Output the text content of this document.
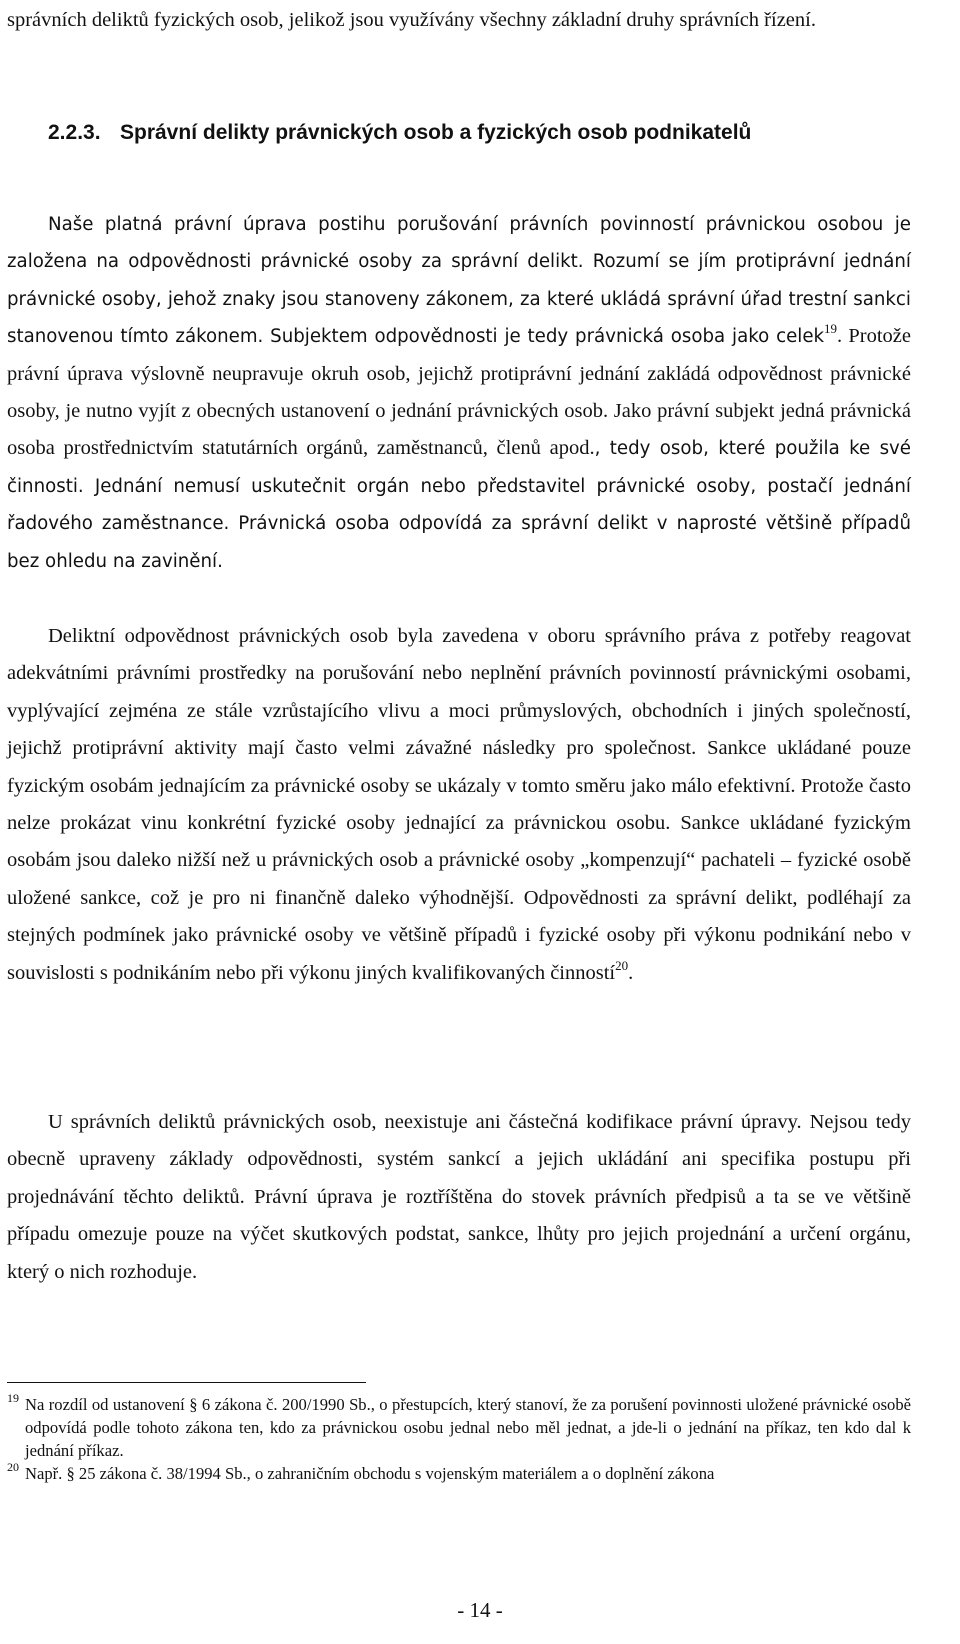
správních deliktů fyzických osob, jelikož jsou využívány všechny základní druhy správních řízení.

2.2.3. Správní delikty právnických osob a fyzických osob podnikatelů

Naše platná právní úprava postihu porušování právních povinností právnickou osobou je založena na odpovědnosti právnické osoby za správní delikt. Rozumí se jím protiprávní jednání právnické osoby, jehož znaky jsou stanoveny zákonem, za které ukládá správní úřad trestní sankci stanovenou tímto zákonem. Subjektem odpovědnosti je tedy právnická osoba jako celek$^{19}$. Protože právní úprava výslovně neupravuje okruh osob, jejichž protiprávní jednání zakládá odpovědnost právnické osoby, je nutno vyjít z obecných ustanovení o jednání právnických osob. Jako právní subjekt jedná právnická osoba prostřednictvím statutárních orgánů, zaměstnanců, členů apod., tedy osob, které použila ke své činnosti. Jednání nemusí uskutečnit orgán nebo představitel právnické osoby, postačí jednání řadového zaměstnance. Právnická osoba odpovídá za správní delikt v naprosté většině případů bez ohledu na zavinění.

Deliktní odpovědnost právnických osob byla zavedena v oboru správního práva z potřeby reagovat adekvátními právními prostředky na porušování nebo neplnění právních povinností právnickými osobami, vyplývající zejména ze stále vzrůstajícího vlivu a moci průmyslových, obchodních i jiných společností, jejichž protiprávní aktivity mají často velmi závažné následky pro společnost. Sankce ukládané pouze fyzickým osobám jednajícím za právnické osoby se ukázaly v tomto směru jako málo efektivní. Protože často nelze prokázat vinu konkrétní fyzické osoby jednající za právnickou osobu. Sankce ukládané fyzickým osobám jsou daleko nižší než u právnických osob a právnické osoby „kompenzují“ pachateli – fyzické osobě uložené sankce, což je pro ni finančně daleko výhodnější. Odpovědnosti za správní delikt, podléhají za stejných podmínek jako právnické osoby ve většině případů i fyzické osoby při výkonu podnikání nebo v souvislosti s podnikáním nebo při výkonu jiných kvalifikovaných činností$^{20}$.

U správních deliktů právnických osob, neexistuje ani částečná kodifikace právní úpravy. Nejsou tedy obecně upraveny základy odpovědnosti, systém sankcí a jejich ukládání ani specifika postupu při projednávání těchto deliktů. Právní úprava je roztříštěna do stovek právních předpisů a ta se ve většině případu omezuje pouze na výčet skutkových podstat, sankce, lhůty pro jejich projednání a určení orgánu, který o nich rozhoduje.

19 Na rozdíl od ustanovení § 6 zákona č. 200/1990 Sb., o přestupcích, který stanoví, že za porušení povinnosti uložené právnické osobě odpovídá podle tohoto zákona ten, kdo za právnickou osobu jednal nebo měl jednat, a jde-li o jednání na příkaz, ten kdo dal k jednání příkaz.
20 Např. § 25 zákona č. 38/1994 Sb., o zahraničním obchodu s vojenským materiálem a o doplnění zákona
- 14 -
